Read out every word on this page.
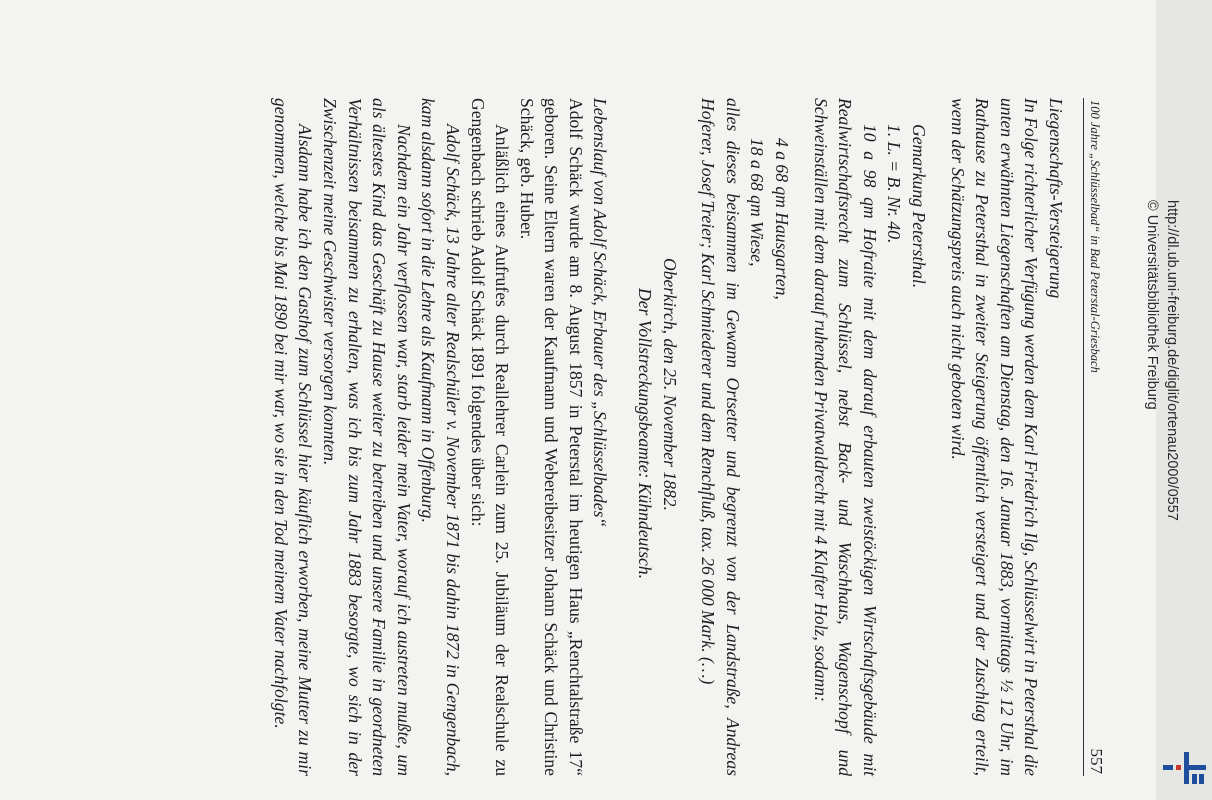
100 Jahre „Schlüsselbad“ in Bad Peterstal-Griesbach
557

Liegenschafts-Versteigerung

In Folge richterlicher Verfügung werden dem Karl Friedrich Ilg, Schlüsselwirt in Petersthal die unten erwähnten Liegenschaften am Dienstag, den 16. Januar 1883, vormittags ½ 12 Uhr, im Rathause zu Petersthal in zweiter Steigerung öffentlich versteigert und der Zuschlag erteilt, wenn der Schätzungspreis auch nicht geboten wird.

Gemarkung Petersthal.
1. L. = B. Nr. 40.

10 a 98 qm Hofraite mit dem darauf erbauten zweistöckigen Wirtschaftsgebäude mit Realwirtschaftsrecht zum Schlüssel, nebst Back- und Waschhaus, Wagenschopf und Schweinställen mit dem darauf ruhenden Privatwaldrecht mit 4 Klafter Holz, sodann:

4 a 68 qm Hausgarten,
18 a 68 qm Wiese,

alles dieses beisammen im Gewann Ortsetter und begrenzt von der Landstraße, Andreas Hoferer, Josef Treier; Karl Schmiederer und dem Renchfluß, tax. 26 000 Mark. (…)

Oberkirch, den 25. November 1882.
Der Vollstreckungsbeamte: Kühndeutsch.

Lebenslauf von Adolf Schäck, Erbauer des „Schlüsselbades“

Adolf Schäck wurde am 8. August 1857 in Peterstal im heutigen Haus „Renchtalstraße 17“ geboren. Seine Eltern waren der Kaufmann und Webereibesitzer Johann Schäck und Christine Schäck, geb. Huber.

Anläßlich eines Aufrufes durch Reallehrer Carlein zum 25. Jubiläum der Realschule zu Gengenbach schrieb Adolf Schäck 1891 folgendes über sich:

Adolf Schäck, 13 Jahre alter Realschüler v. November 1871 bis dahin 1872 in Gengenbach, kam alsdann sofort in die Lehre als Kaufmann in Offenburg.

Nachdem ein Jahr verflossen war, starb leider mein Vater, worauf ich austreten mußte, um als ältestes Kind das Geschäft zu Hause weiter zu betreiben und unsere Familie in geordneten Verhältnissen beisammen zu erhalten, was ich bis zum Jahr 1883 besorgte, wo sich in der Zwischenzeit meine Geschwister versorgen konnten.

Alsdann habe ich den Gasthof zum Schlüssel hier käuflich erworben, meine Mutter zu mir genommen, welche bis Mai 1890 bei mir war, wo sie in den Tod meinem Vater nachfolgte.	http://dl.ub.uni-freiburg.de/diglit/ortenau2000/0557
© Universitätsbibliothek Freiburg
